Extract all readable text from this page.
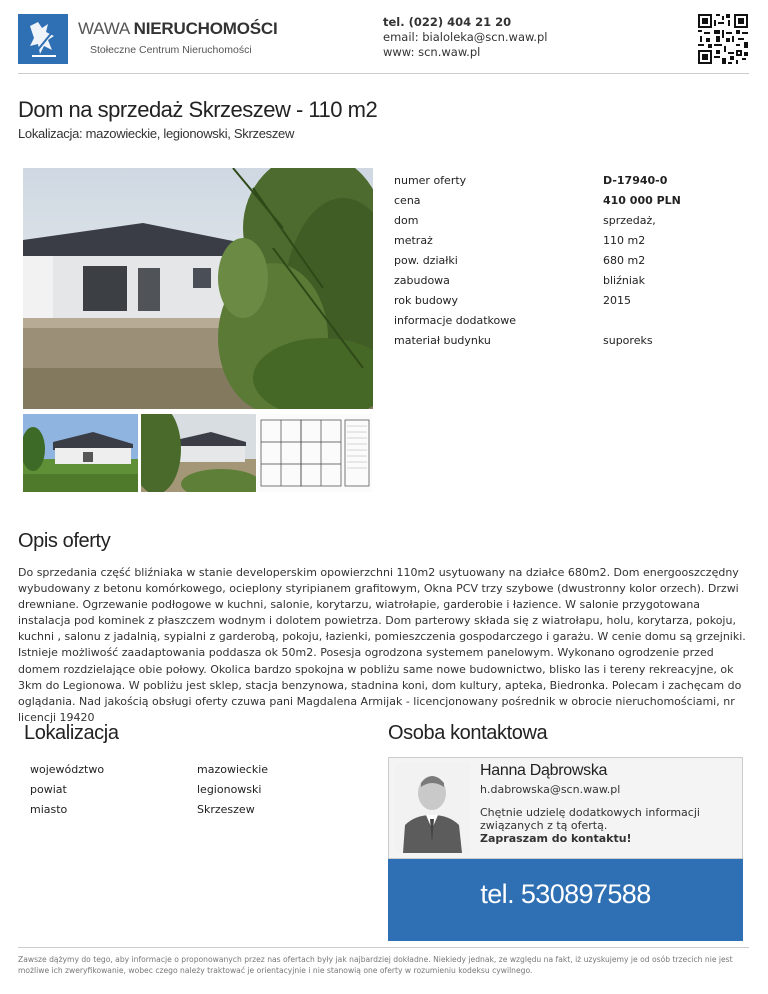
WAWA NIERUCHOMOŚCI
Stołeczne Centrum Nieruchomości
tel. (022) 404 21 20
email: bialoleka@scn.waw.pl
www: scn.waw.pl
Dom na sprzedaż Skrzeszew - 110 m2
Lokalizacja: mazowieckie, legionowski, Skrzeszew
numer oferty	D-17940-0
cena	410 000 PLN
dom	sprzedaż,
metraż	110 m2
pow. działki	680 m2
zabudowa	bliźniak
rok budowy	2015
informacje dodatkowe
materiał budynku	suporeks
Opis oferty
Do sprzedania część bliźniaka w stanie developerskim opowierzchni 110m2 usytuowany na działce 680m2. Dom energooszczędny wybudowany z betonu komórkowego, ocieplony styripianem grafitowym, Okna PCV trzy szybowe (dwustronny kolor orzech). Drzwi drewniane. Ogrzewanie podłogowe w kuchni, salonie, korytarzu, wiatrołapie, garderobie i łazience. W salonie przygotowana instalacja pod kominek z płaszczem wodnym i dolotem powietrza. Dom parterowy składa się z wiatrołapu, holu, korytarza, pokoju, kuchni , salonu z jadalnią, sypialni z garderobą, pokoju, łazienki, pomieszczenia gospodarczego i garażu. W cenie domu są grzejniki. Istnieje możliwość zaadaptowania poddasza ok 50m2. Posesja ogrodzona systemem panelowym. Wykonano ogrodzenie przed domem rozdzielające obie połowy. Okolica bardzo spokojna w pobliżu same nowe budownictwo, blisko las i tereny rekreacyjne, ok 3km do Legionowa. W pobliżu jest sklep, stacja benzynowa, stadnina koni, dom kultury, apteka, Biedronka. Polecam i zachęcam do oglądania. Nad jakością obsługi oferty czuwa pani Magdalena Armijak - licencjonowany pośrednik w obrocie nieruchomościami, nr licencji 19420
Lokalizacja
województwo	mazowieckie
powiat	legionowski
miasto	Skrzeszew
Osoba kontaktowa
Hanna Dąbrowska
h.dabrowska@scn.waw.pl
Chętnie udzielę dodatkowych informacji związanych z tą ofertą.
Zapraszam do kontaktu!
tel. 530897588
Zawsze dążymy do tego, aby informacje o proponowanych przez nas ofertach były jak najbardziej dokładne. Niekiedy jednak, ze względu na fakt, iż uzyskujemy je od osób trzecich nie jest możliwe ich zweryfikowanie, wobec czego należy traktować je orientacyjnie i nie stanowią one oferty w rozumieniu kodeksu cywilnego.
